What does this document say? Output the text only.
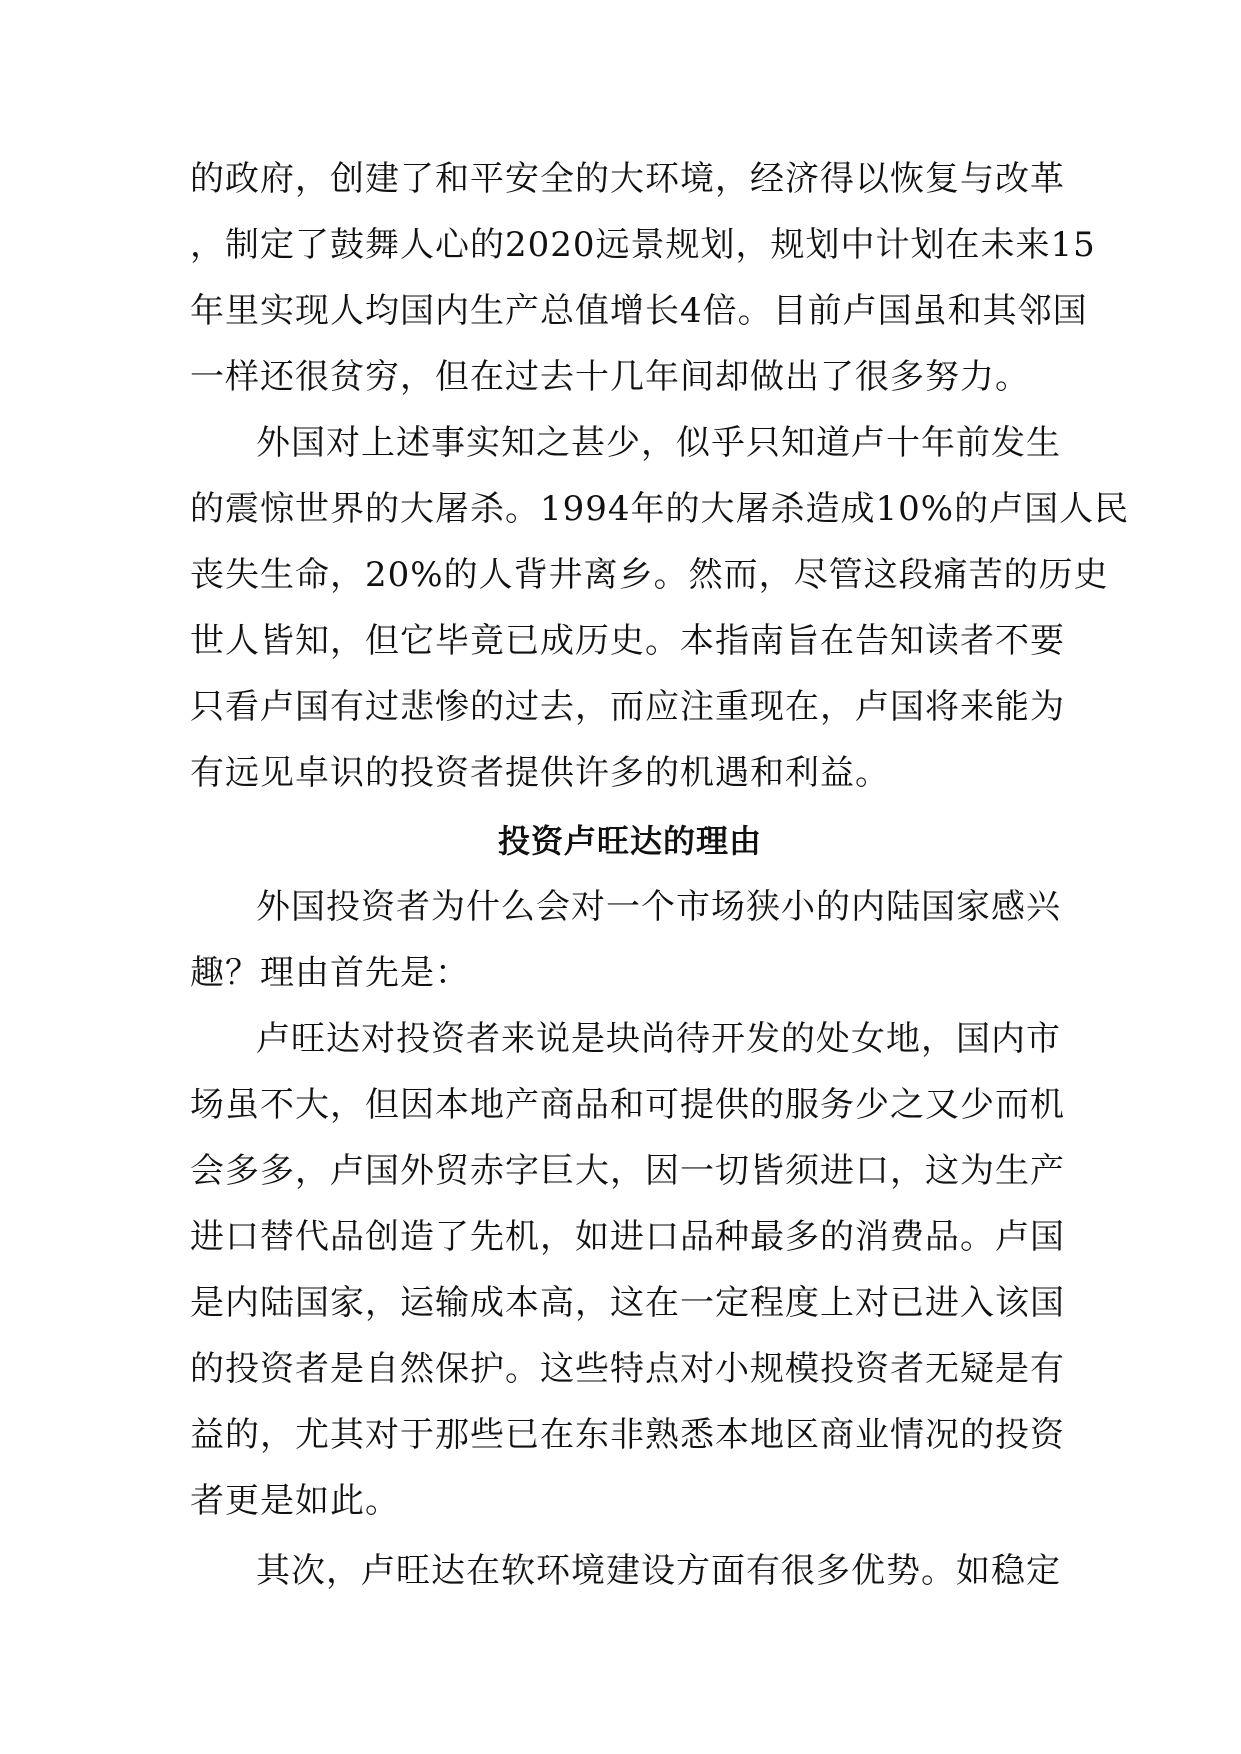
的政府，创建了和平安全的大环境，经济得以恢复与改革
，制定了鼓舞人心的2020远景规划，规划中计划在未来15
年里实现人均国内生产总值增长4倍。目前卢国虽和其邻国
一样还很贫穷，但在过去十几年间却做出了很多努力。
外国对上述事实知之甚少，似乎只知道卢十年前发生
的震惊世界的大屠杀。1994年的大屠杀造成10%的卢国人民
丧失生命，20%的人背井离乡。然而，尽管这段痛苦的历史
世人皆知，但它毕竟已成历史。本指南旨在告知读者不要
只看卢国有过悲惨的过去，而应注重现在，卢国将来能为
有远见卓识的投资者提供许多的机遇和利益。
投资卢旺达的理由
外国投资者为什么会对一个市场狭小的内陆国家感兴
趣？理由首先是：
卢旺达对投资者来说是块尚待开发的处女地，国内市
场虽不大，但因本地产商品和可提供的服务少之又少而机
会多多，卢国外贸赤字巨大，因一切皆须进口，这为生产
进口替代品创造了先机，如进口品种最多的消费品。卢国
是内陆国家，运输成本高，这在一定程度上对已进入该国
的投资者是自然保护。这些特点对小规模投资者无疑是有
益的，尤其对于那些已在东非熟悉本地区商业情况的投资
者更是如此。
其次，卢旺达在软环境建设方面有很多优势。如稳定
